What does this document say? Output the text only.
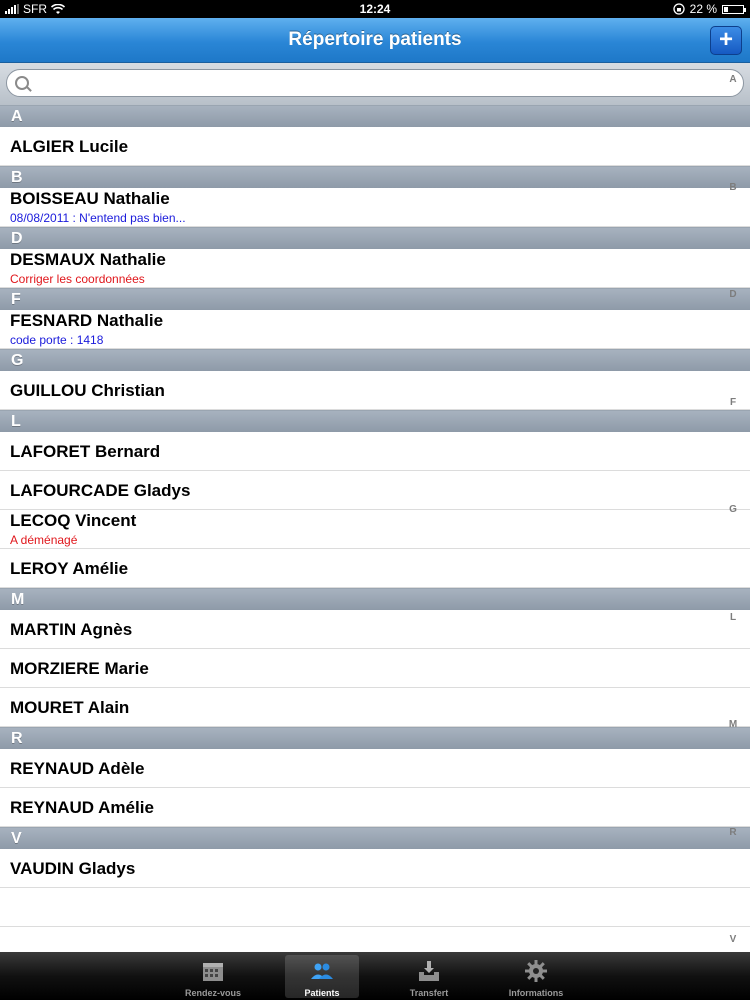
SFR	12:24	22 %
Répertoire patients	+
A
ALGIER Lucile
B
BOISSEAU Nathalie
08/08/2011 : N'entend pas bien...
D
DESMAUX Nathalie
Corriger les coordonnées
F
FESNARD Nathalie
code porte : 1418
G
GUILLOU Christian
L
LAFORET Bernard
LAFOURCADE Gladys
LECOQ Vincent
A déménagé
LEROY Amélie
M
MARTIN Agnès
MORZIERE Marie
MOURET Alain
R
REYNAUD Adèle
REYNAUD Amélie
V
VAUDIN Gladys
A
B
D
F
G
L
M
R
V
Rendez-vous	Patients	Transfert	Informations
